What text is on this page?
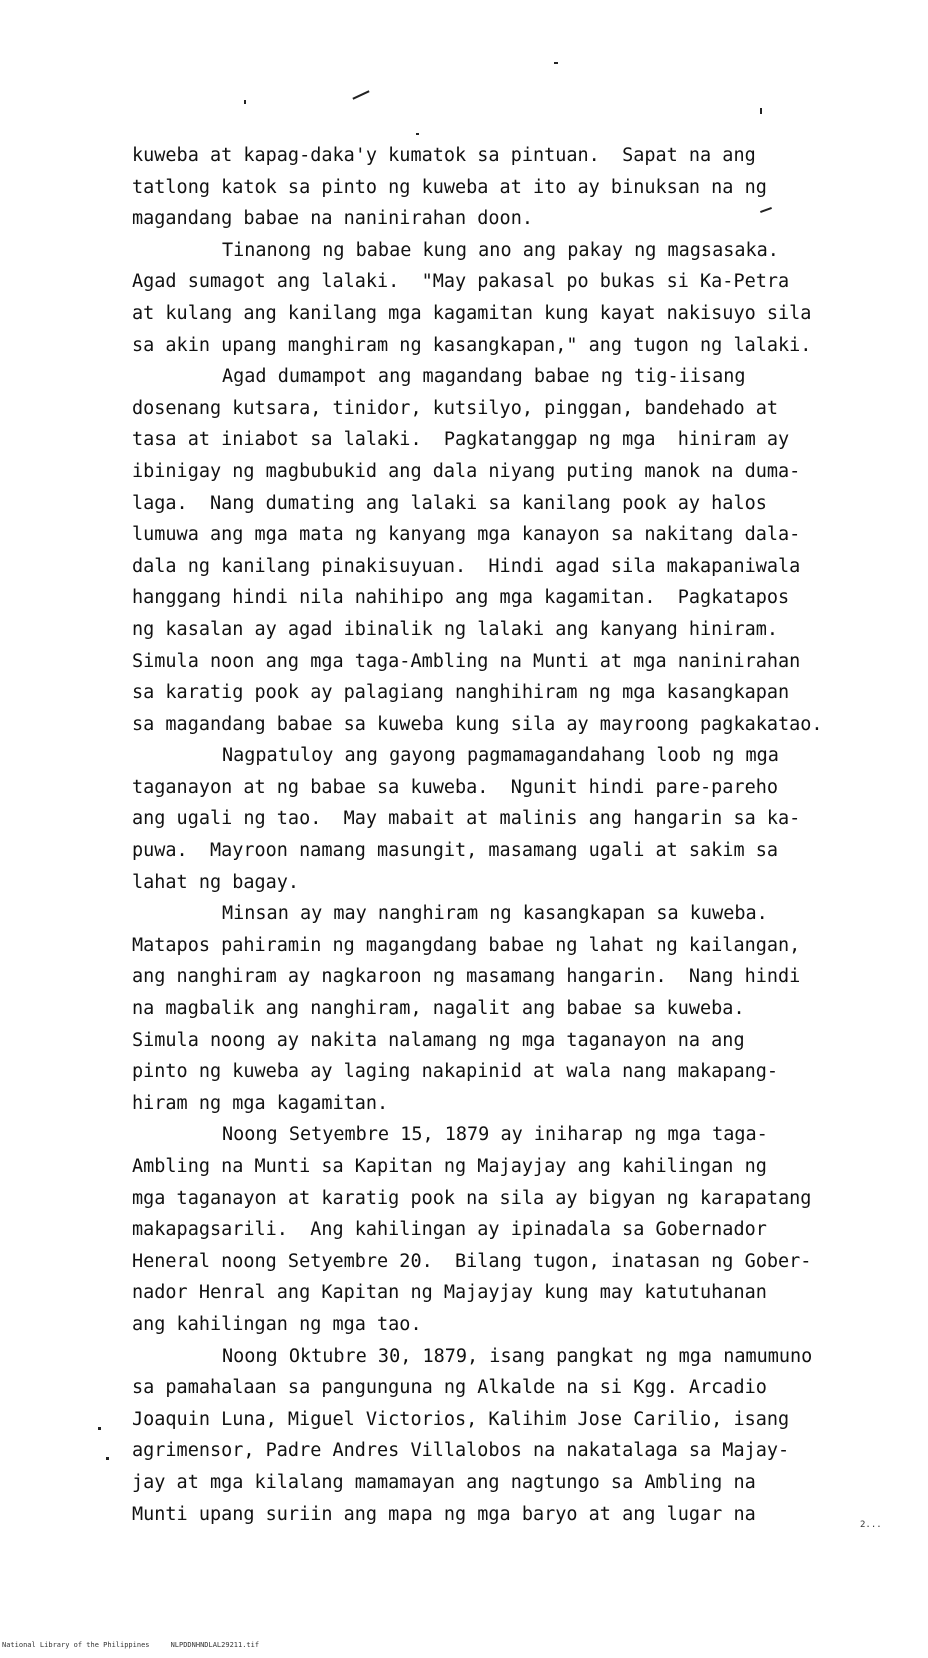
kuweba at kapag-daka'y kumatok sa pintuan.  Sapat na ang
tatlong katok sa pinto ng kuweba at ito ay binuksan na ng
magandang babae na naninirahan doon.
Tinanong ng babae kung ano ang pakay ng magsasaka.
Agad sumagot ang lalaki.  "May pakasal po bukas si Ka-Petra
at kulang ang kanilang mga kagamitan kung kayat nakisuyo sila
sa akin upang manghiram ng kasangkapan," ang tugon ng lalaki.
Agad dumampot ang magandang babae ng tig-iisang
dosenang kutsara, tinidor, kutsilyo, pinggan, bandehado at
tasa at iniabot sa lalaki.  Pagkatanggap ng mga  hiniram ay
ibinigay ng magbubukid ang dala niyang puting manok na duma-
laga.  Nang dumating ang lalaki sa kanilang pook ay halos
lumuwa ang mga mata ng kanyang mga kanayon sa nakitang dala-
dala ng kanilang pinakisuyuan.  Hindi agad sila makapaniwala
hanggang hindi nila nahihipo ang mga kagamitan.  Pagkatapos
ng kasalan ay agad ibinalik ng lalaki ang kanyang hiniram.
Simula noon ang mga taga-Ambling na Munti at mga naninirahan
sa karatig pook ay palagiang nanghihiram ng mga kasangkapan
sa magandang babae sa kuweba kung sila ay mayroong pagkakatao.
Nagpatuloy ang gayong pagmamagandahang loob ng mga
taganayon at ng babae sa kuweba.  Ngunit hindi pare-pareho
ang ugali ng tao.  May mabait at malinis ang hangarin sa ka-
puwa.  Mayroon namang masungit, masamang ugali at sakim sa
lahat ng bagay.
Minsan ay may nanghiram ng kasangkapan sa kuweba.
Matapos pahiramin ng magangdang babae ng lahat ng kailangan,
ang nanghiram ay nagkaroon ng masamang hangarin.  Nang hindi
na magbalik ang nanghiram, nagalit ang babae sa kuweba.
Simula noong ay nakita nalamang ng mga taganayon na ang
pinto ng kuweba ay laging nakapinid at wala nang makapang-
hiram ng mga kagamitan.
Noong Setyembre 15, 1879 ay iniharap ng mga taga-
Ambling na Munti sa Kapitan ng Majayjay ang kahilingan ng
mga taganayon at karatig pook na sila ay bigyan ng karapatang
makapagsarili.  Ang kahilingan ay ipinadala sa Gobernador
Heneral noong Setyembre 20.  Bilang tugon, inatasan ng Gober-
nador Henral ang Kapitan ng Majayjay kung may katutuhanan
ang kahilingan ng mga tao.
Noong Oktubre 30, 1879, isang pangkat ng mga namumuno
sa pamahalaan sa pangunguna ng Alkalde na si Kgg. Arcadio
Joaquin Luna, Miguel Victorios, Kalihim Jose Carilio, isang
agrimensor, Padre Andres Villalobos na nakatalaga sa Majay-
jay at mga kilalang mamamayan ang nagtungo sa Ambling na
Munti upang suriin ang mapa ng mga baryo at ang lugar na
National Library of the Philippines     NLPDDNHNDLAL29211.tif
2...
